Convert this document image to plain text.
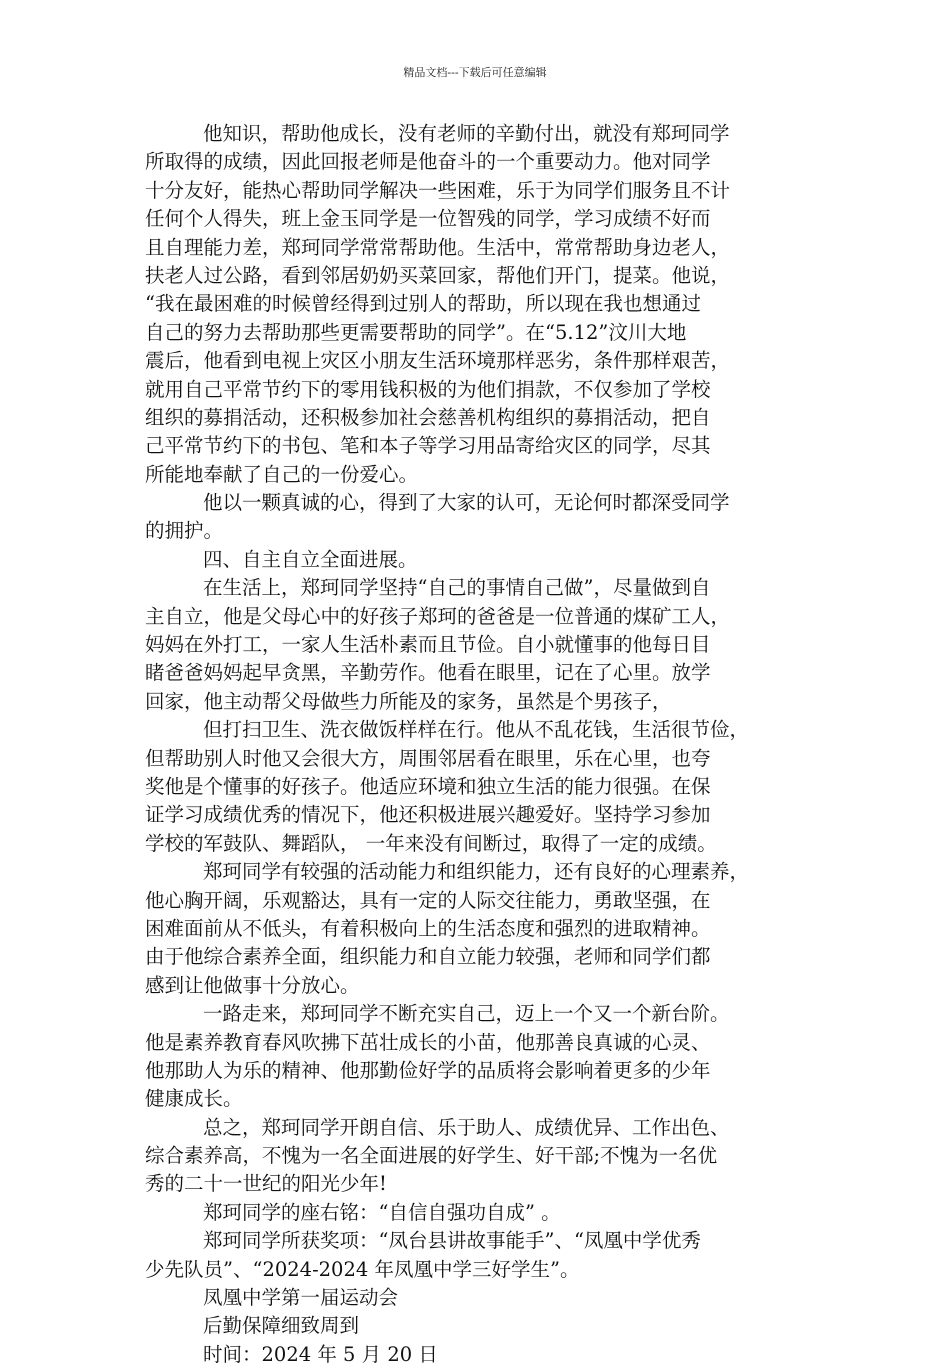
精品文档---下载后可任意编辑
他知识，帮助他成长，没有老师的辛勤付出，就没有郑珂同学
所取得的成绩，因此回报老师是他奋斗的一个重要动力。他对同学
十分友好，能热心帮助同学解决一些困难，乐于为同学们服务且不计
任何个人得失，班上金玉同学是一位智残的同学，学习成绩不好而
且自理能力差，郑珂同学常常帮助他。生活中，常常帮助身边老人，
扶老人过公路，看到邻居奶奶买菜回家，帮他们开门，提菜。他说，
“我在最困难的时候曾经得到过别人的帮助，所以现在我也想通过
自己的努力去帮助那些更需要帮助的同学”。在“5.12”汶川大地
震后，他看到电视上灾区小朋友生活环境那样恶劣，条件那样艰苦，
就用自己平常节约下的零用钱积极的为他们捐款，不仅参加了学校
组织的募捐活动，还积极参加社会慈善机构组织的募捐活动，把自
己平常节约下的书包、笔和本子等学习用品寄给灾区的同学，尽其
所能地奉献了自己的一份爱心。
他以一颗真诚的心，得到了大家的认可，无论何时都深受同学
的拥护。
四、自主自立全面进展。
在生活上，郑珂同学坚持“自己的事情自己做”，尽量做到自
主自立，他是父母心中的好孩子郑珂的爸爸是一位普通的煤矿工人，
妈妈在外打工，一家人生活朴素而且节俭。自小就懂事的他每日目
睹爸爸妈妈起早贪黑，辛勤劳作。他看在眼里，记在了心里。放学
回家，他主动帮父母做些力所能及的家务，虽然是个男孩子，
但打扫卫生、洗衣做饭样样在行。他从不乱花钱，生活很节俭，
但帮助别人时他又会很大方，周围邻居看在眼里，乐在心里，也夸
奖他是个懂事的好孩子。他适应环境和独立生活的能力很强。在保
证学习成绩优秀的情况下，他还积极进展兴趣爱好。坚持学习参加
学校的军鼓队、舞蹈队， 一年来没有间断过，取得了一定的成绩。
郑珂同学有较强的活动能力和组织能力，还有良好的心理素养，
他心胸开阔，乐观豁达，具有一定的人际交往能力，勇敢坚强，在
困难面前从不低头，有着积极向上的生活态度和强烈的进取精神。
由于他综合素养全面，组织能力和自立能力较强，老师和同学们都
感到让他做事十分放心。
一路走来，郑珂同学不断充实自己，迈上一个又一个新台阶。
他是素养教育春风吹拂下茁壮成长的小苗，他那善良真诚的心灵、
他那助人为乐的精神、他那勤俭好学的品质将会影响着更多的少年
健康成长。
总之，郑珂同学开朗自信、乐于助人、成绩优异、工作出色、
综合素养高，不愧为一名全面进展的好学生、好干部;不愧为一名优
秀的二十一世纪的阳光少年!
郑珂同学的座右铭：“自信自强功自成” 。
郑珂同学所获奖项：“凤台县讲故事能手”、“凤凰中学优秀
少先队员”、“2024-2024 年凤凰中学三好学生”。
凤凰中学第一届运动会
后勤保障细致周到
时间：2024 年 5 月 20 日
